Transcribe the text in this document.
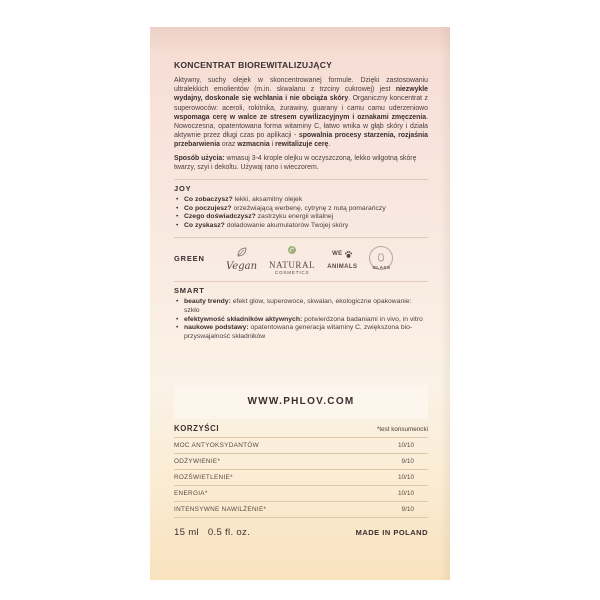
KONCENTRAT BIOREWITALIZUJĄCY

Aktywny, suchy olejek w skoncentrowanej formule. Dzięki zastosowaniu ultralekkich emolientów (m.in. skwalanu z trzciny cukrowej) jest niezwykle wydajny, doskonale się wchłania i nie obciąża skóry. Organiczny koncentrat z superowoców: aceroli, rokitnika, żurawiny, guarany i camu camu uderzeniowo wspomaga cerę w walce ze stresem cywilizacyjnym i oznakami zmęczenia. Nowoczesna, opatentowana forma witaminy C, łatwo wnika w głąb skóry i działa aktywnie przez długi czas po aplikacji - spowalnia procesy starzenia, rozjaśnia przebarwienia oraz wzmacnia i rewitalizuje cerę.

Sposób użycia: wmasuj 3-4 krople olejku w oczyszczoną, lekko wilgotną skórę twarzy, szyi i dekoltu. Używaj rano i wieczorem.
JOY
• Co zobaczysz? lekki, aksamitny olejek
• Co poczujesz? orzeźwiającą werbenę, cytrynę z nutą pomarańczy
• Czego doświadczysz? zastrzyku energii witalnej
• Co zyskasz? doładowanie akumulatorów Twojej skóry
GREEN
Vegan NATURAL
COSMETICS
WE
ANIMALS	GLASS
SMART
• beauty trendy: efekt glow, superowoce, skwalan, ekologiczne opakowanie: szkło
• efektywność składników aktywnych: potwierdzona badaniami in vivo, in vitro
• naukowe podstawy: opatentowana generacja witaminy C, zwiększona bio-przyswajalność składników
WWW.PHLOV.COM
KORZYŚCI	*test konsumencki
MOC ANTYOKSYDANTÓW	10/10
ODŻYWIENIE*	9/10
ROZŚWIETLENIE*	10/10
ENERGIA*	10/10
INTENSYWNE NAWILŻENIE*	9/10
15 ml   0.5 fl. oz.	MADE IN POLAND
